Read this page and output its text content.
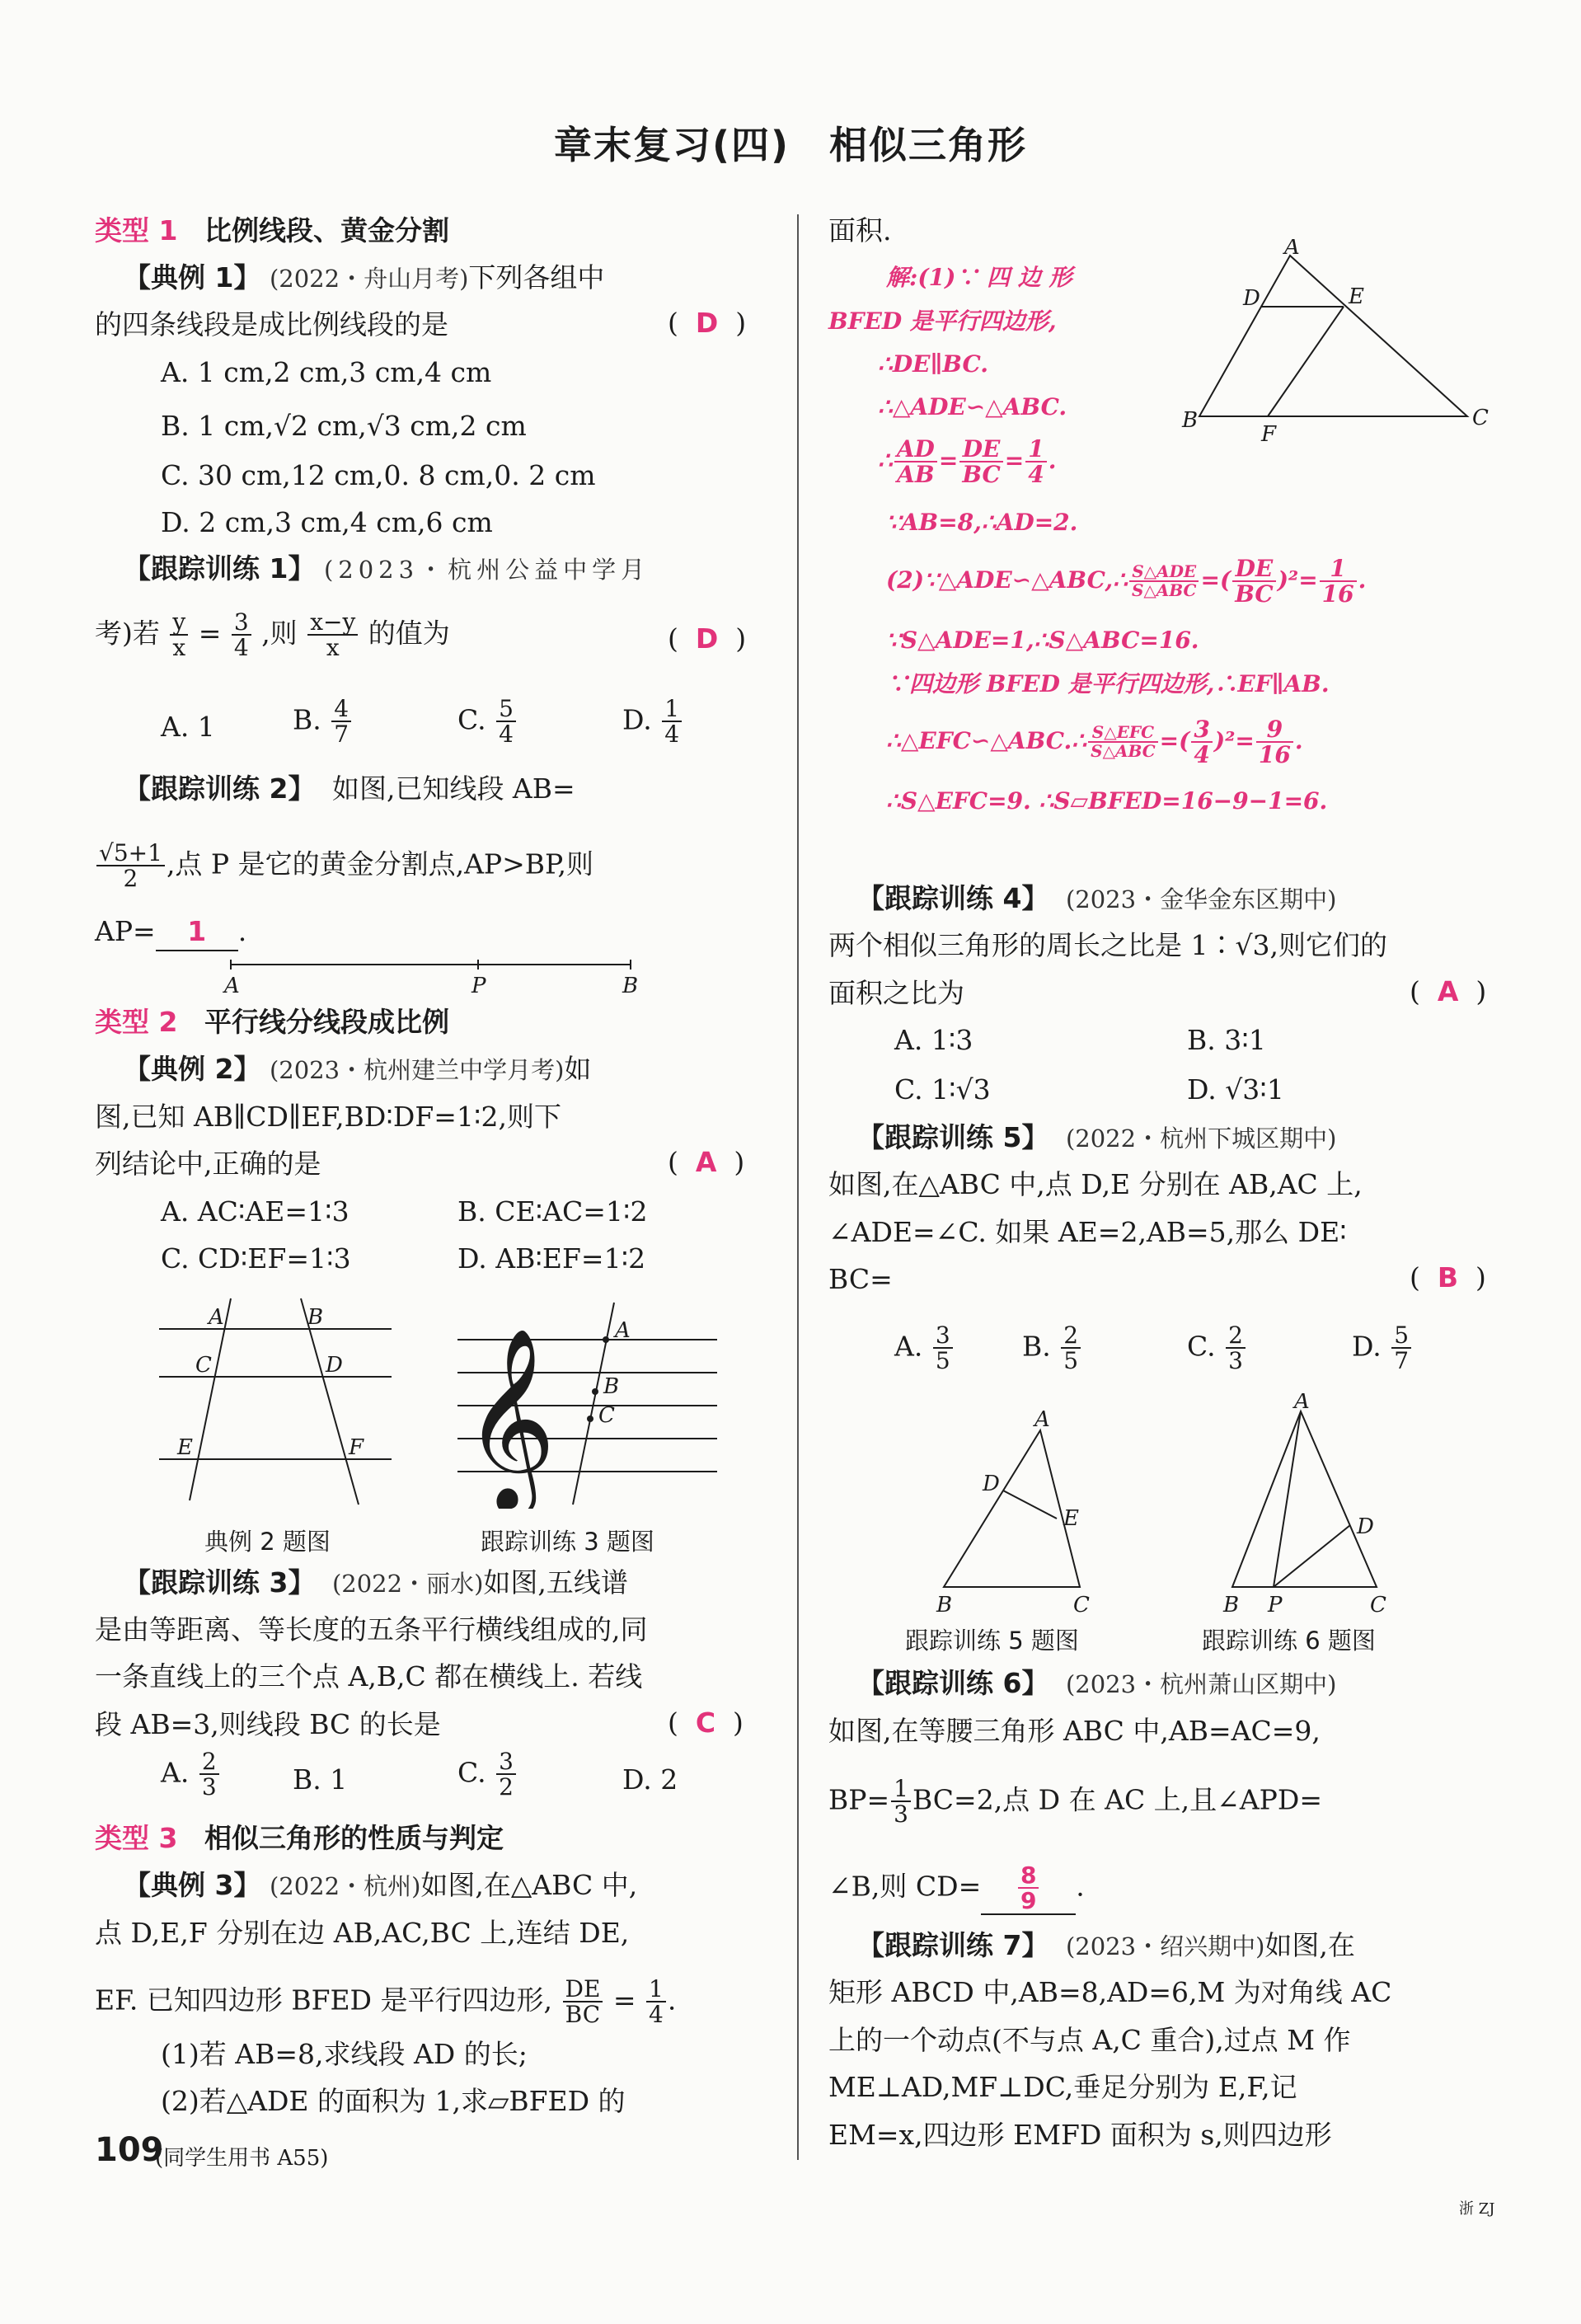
章末复习(四)　相似三角形
类型 1 比例线段、黄金分割
【典例 1】 (2022・舟山月考)下列各组中
的四条线段是成比例线段的是	(  D  )
A. 1 cm,2 cm,3 cm,4 cm
B. 1 cm,√2 cm,√3 cm,2 cm
C. 30 cm,12 cm,0. 8 cm,0. 2 cm
D. 2 cm,3 cm,4 cm,6 cm
【跟踪训练 1】 (2023・杭州公益中学月
考)若 $\frac{y}{x} = \frac{3}{4}$ ,则 $\frac{x-y}{x}$ 的值为	(  D  )
A. 1	B. $\frac{4}{7}$	C. $\frac{5}{4}$	D. $\frac{1}{4}$
【跟踪训练 2】 如图,已知线段 AB=
$\frac{√5+1}{2}$ ,点 P 是它的黄金分割点,AP>BP,则
AP= 1 .
A	P	B
类型 2 平行线分线段成比例
【典例 2】 (2023・杭州建兰中学月考)如
图,已知 AB∥CD∥EF,BD∶DF=1∶2,则下
列结论中,正确的是	(  A  )
A. AC∶AE=1∶3	B. CE∶AC=1∶2
C. CD∶EF=1∶3	D. AB∶EF=1∶2
A	B
C	D
E	F 𝄞	A
B
C
典例 2 题图	跟踪训练 3 题图
【跟踪训练 3】 (2022・丽水)如图,五线谱
是由等距离、等长度的五条平行横线组成的,同
一条直线上的三个点 A,B,C 都在横线上. 若线
段 AB=3,则线段 BC 的长是	(  C  )
A. $\frac{2}{3}$	B. 1	C. $\frac{3}{2}$	D. 2
类型 3 相似三角形的性质与判定
【典例 3】 (2022・杭州)如图,在△ABC 中,
点 D,E,F 分别在边 AB,AC,BC 上,连结 DE,
EF. 已知四边形 BFED 是平行四边形, $\frac{DE}{BC} = \frac{1}{4}$ .
(1)若 AB=8,求线段 AD 的长;
(2)若△ADE 的面积为 1,求▱BFED 的
面积.
解:(1)∵ 四 边 形
BFED 是平行四边形,
∴DE∥BC.
∴△ADE∽△ABC.
∴ $\frac{AD}{AB} = \frac{DE}{BC} = \frac{1}{4}$ .
∵AB=8,∴AD=2.
(2)∵△ADE∽△ABC,∴ $\frac{\text{S△ADE}}{\text{S△ABC}}$ =( $\frac{DE}{BC} )^2= \frac{1}{16}$ .
∵S△ADE=1,∴S△ABC=16.
∵四边形 BFED 是平行四边形,∴EF∥AB.
∴△EFC∽△ABC.∴ $\frac{\text{S△EFC}}{\text{S△ABC}}$ =( $\frac{3}{4} )^2= \frac{9}{16}$ .
∴S△EFC=9. ∴S▱BFED=16−9−1=6.
A
D	E
B
F
C
【跟踪训练 4】 (2023・金华金东区期中)
两个相似三角形的周长之比是 1∶√3,则它们的
面积之比为	(  A  )
A. 1∶3	B. 3∶1
C. 1∶√3	D. √3∶1
【跟踪训练 5】 (2022・杭州下城区期中)
如图,在△ABC 中,点 D,E 分别在 AB,AC 上,
∠ADE=∠C. 如果 AE=2,AB=5,那么 DE∶
BC=	(  B  )
A. $\frac{3}{5}$	B. $\frac{2}{5}$	C. $\frac{2}{3}$	D. $\frac{5}{7}$
A
D
E
B	C
A
D
B P	C
跟踪训练 5 题图	跟踪训练 6 题图
【跟踪训练 6】 (2023・杭州萧山区期中)
如图,在等腰三角形 ABC 中,AB=AC=9,
$BP= \frac{1}{3} BC=2$,点 D 在 AC 上,且∠APD=
∠B,则 $CD= \frac{8}{9}$ .
【跟踪训练 7】 (2023・绍兴期中)如图,在
矩形 ABCD 中,AB=8,AD=6,M 为对角线 AC
上的一个动点(不与点 A,C 重合),过点 M 作
ME⊥AD,MF⊥DC,垂足分别为 E,F,记
EM=x,四边形 EMFD 面积为 s,则四边形
109
(同学生用书 A55)
浙 ZJ
